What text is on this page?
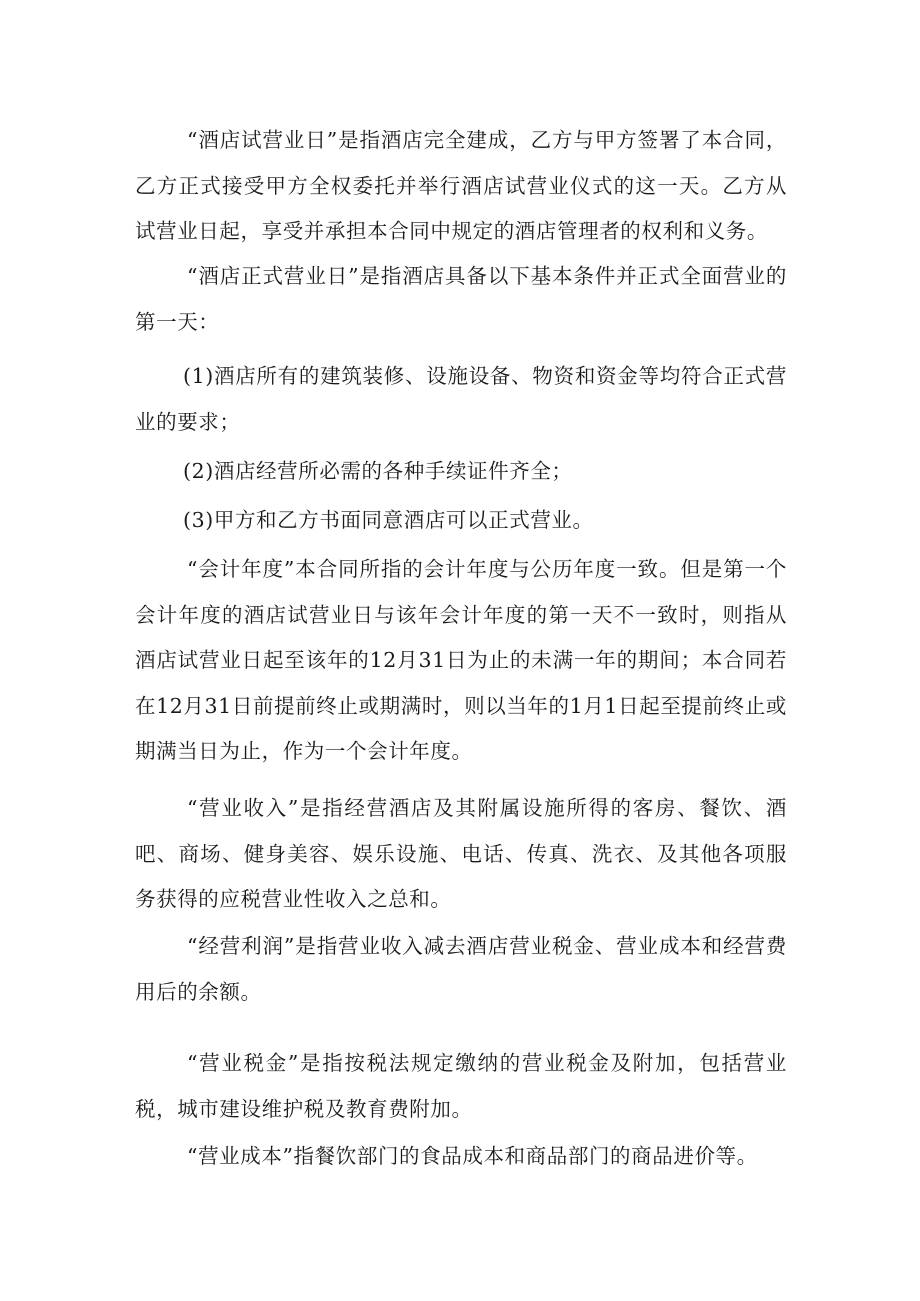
“酒店试营业日”是指酒店完全建成，乙方与甲方签署了本合同，乙方正式接受甲方全权委托并举行酒店试营业仪式的这一天。乙方从试营业日起，享受并承担本合同中规定的酒店管理者的权利和义务。

“酒店正式营业日”是指酒店具备以下基本条件并正式全面营业的第一天：

(1)酒店所有的建筑装修、设施设备、物资和资金等均符合正式营业的要求；

(2)酒店经营所必需的各种手续证件齐全；

(3)甲方和乙方书面同意酒店可以正式营业。

“会计年度”本合同所指的会计年度与公历年度一致。但是第一个会计年度的酒店试营业日与该年会计年度的第一天不一致时，则指从酒店试营业日起至该年的12月31日为止的未满一年的期间；本合同若在12月31日前提前终止或期满时，则以当年的1月1日起至提前终止或期满当日为止，作为一个会计年度。

“营业收入”是指经营酒店及其附属设施所得的客房、餐饮、酒吧、商场、健身美容、娱乐设施、电话、传真、洗衣、及其他各项服务获得的应税营业性收入之总和。

“经营利润”是指营业收入减去酒店营业税金、营业成本和经营费用后的余额。

“营业税金”是指按税法规定缴纳的营业税金及附加，包括营业税，城市建设维护税及教育费附加。

“营业成本”指餐饮部门的食品成本和商品部门的商品进价等。
